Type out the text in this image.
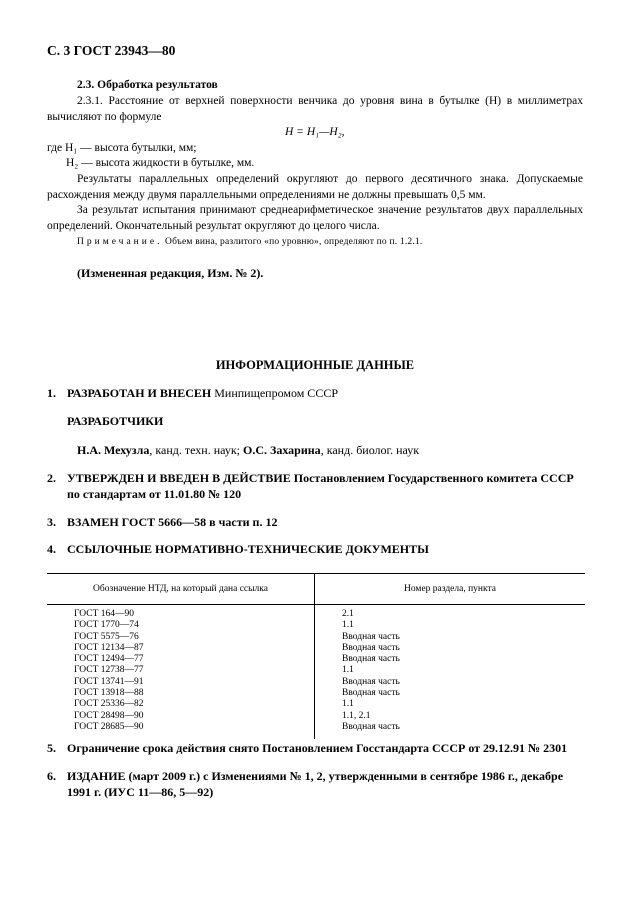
С. 3 ГОСТ 23943—80
2.3. Обработка результатов
2.3.1. Расстояние от верхней поверхности венчика до уровня вина в бутылке (H) в миллиметрах вычисляют по формуле
H = H₁—H₂,
где H₁ — высота бутылки, мм;
H₂ — высота жидкости в бутылке, мм.
Результаты параллельных определений округляют до первого десятичного знака. Допускаемые расхождения между двумя параллельными определениями не должны превышать 0,5 мм.
За результат испытания принимают среднеарифметическое значение результатов двух параллельных определений. Окончательный результат округляют до целого числа.
Примечание. Объем вина, разлитого «по уровню», определяют по п. 1.2.1.
(Измененная редакция, Изм. № 2).
ИНФОРМАЦИОННЫЕ ДАННЫЕ
1. РАЗРАБОТАН И ВНЕСЕН Минпищепромом СССР
РАЗРАБОТЧИКИ
Н.А. Мехузла, канд. техн. наук; О.С. Захарина, канд. биолог. наук
2. УТВЕРЖДЕН И ВВЕДЕН В ДЕЙСТВИЕ Постановлением Государственного комитета СССР по стандартам от 11.01.80 № 120
3. ВЗАМЕН ГОСТ 5666—58 в части п. 12
4. ССЫЛОЧНЫЕ НОРМАТИВНО-ТЕХНИЧЕСКИЕ ДОКУМЕНТЫ
Обозначение НТД, на который дана ссылка	Номер раздела, пункта
ГОСТ 164—90	2.1
ГОСТ 1770—74	1.1
ГОСТ 5575—76	Вводная часть
ГОСТ 12134—87	Вводная часть
ГОСТ 12494—77	Вводная часть
ГОСТ 12738—77	1.1
ГОСТ 13741—91	Вводная часть
ГОСТ 13918—88	Вводная часть
ГОСТ 25336—82	1.1
ГОСТ 28498—90	1.1, 2.1
ГОСТ 28685—90	Вводная часть
5. Ограничение срока действия снято Постановлением Госстандарта СССР от 29.12.91 № 2301
6. ИЗДАНИЕ (март 2009 г.) с Изменениями № 1, 2, утвержденными в сентябре 1986 г., декабре 1991 г. (ИУС 11—86, 5—92)
